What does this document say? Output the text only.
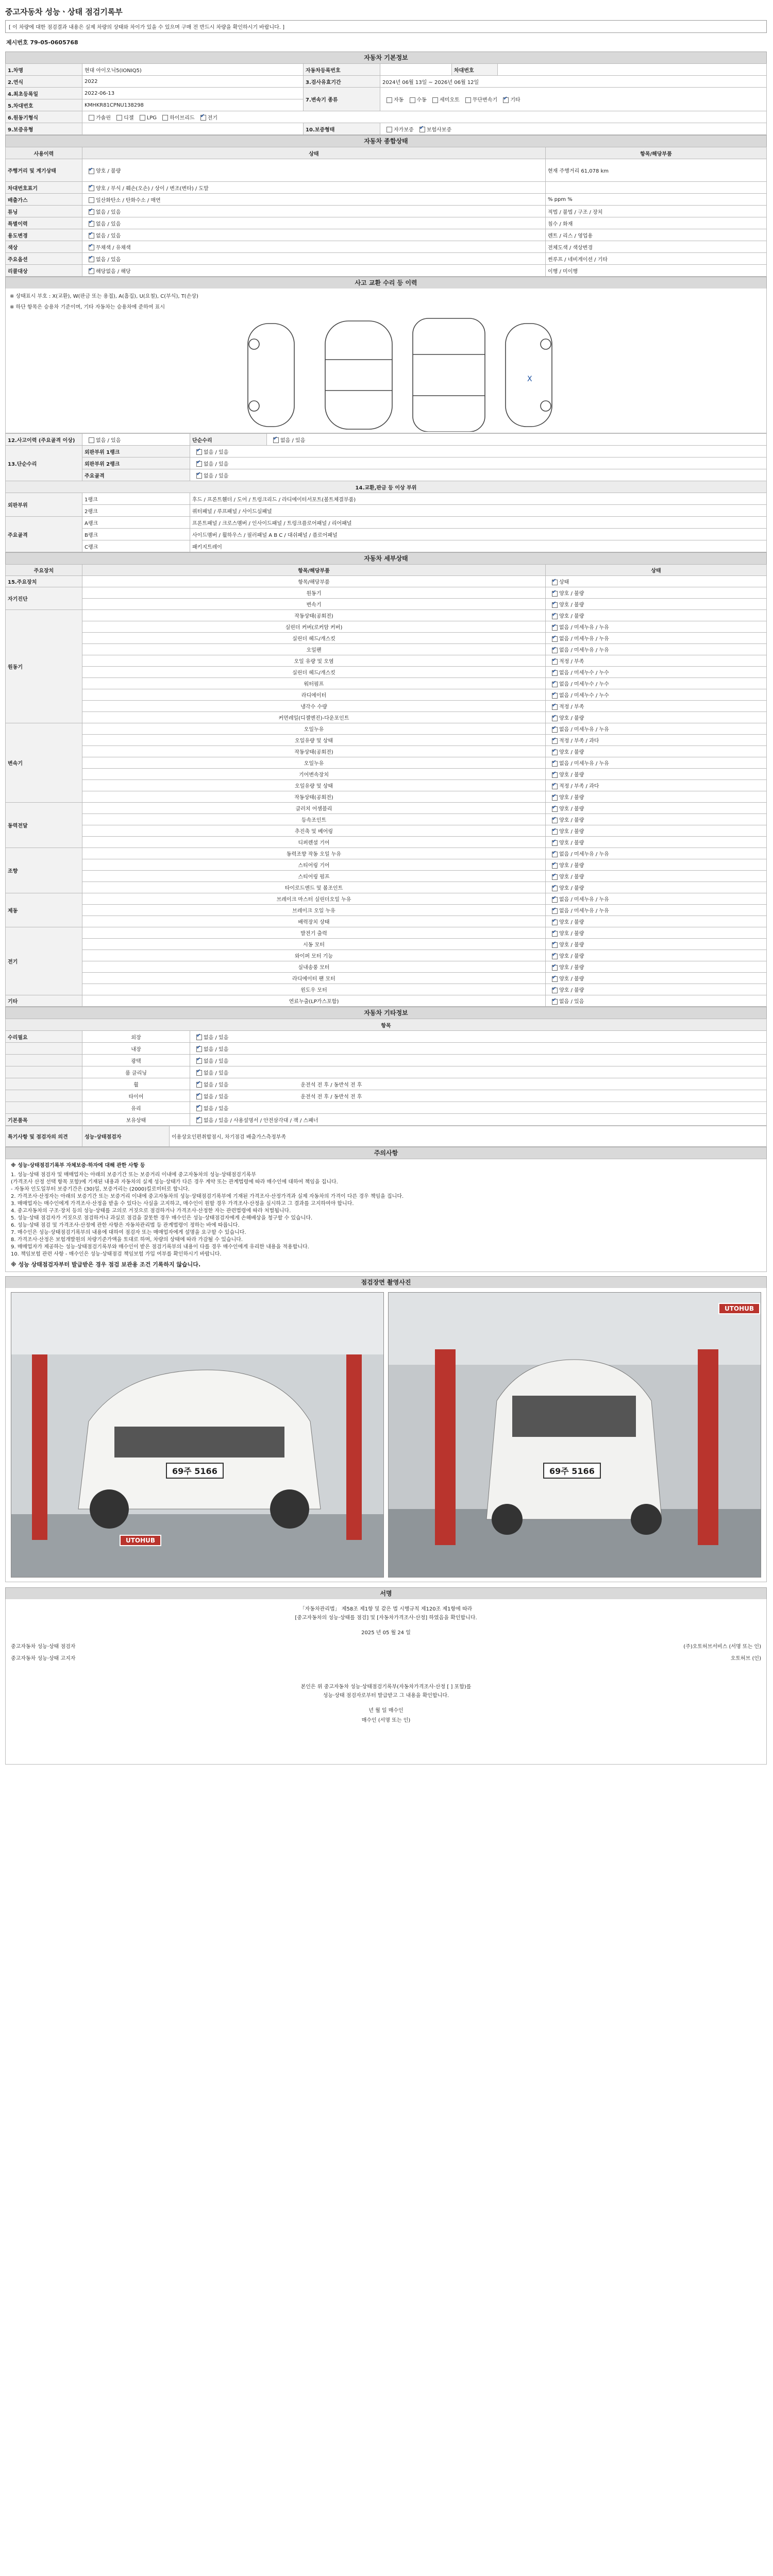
중고자동차 성능ㆍ상태 점검기록부
[ 이 차량에 대한 점검결과 내용은 실제 차량의 상태와 차이가 있을 수 있으며 구매 전 반드시 차량을 확인하시기 바랍니다. ]
제시번호 79-05-0605768
자동차 기본정보
1.차명	현대 아이오닉5(IONIQ5)	자동차등록번호		차대번호	
2.연식	2022	3.검사유효기간	2024년 06월 13일 ~ 2026년 06월 12일		
4.최초등록일	2022-06-13	7.변속기 종류	자동 수동 세미오토 무단변속기 ✔ 기타
5.차대번호	KMHKR81CPNU138298				
6.원동기형식	가솔린 디젤 LPG 하이브리드 ✔ 전기
9.보증유형		10.보증형태	자가보증 ✔ 보험사보증
자동차 종합상태
사용이력	상태	항목/해당부품
주행거리 및 계기상태	✔양호 / 불량	현재 주행거리 61,078 km
차대번호표기	✔양호 / 부식 / 훼손(오손) / 상이 / 변조(변타) / 도말	
배출가스	일산화탄소 / 탄화수소 / 매연	% ppm %
튜닝	✔없음 / 있음	적법 / 불법 / 구조 / 장치
특별이력	✔없음 / 있음	침수 / 화재
용도변경	✔없음 / 있음	렌트 / 리스 / 영업용
색상	✔무채색 / 유채색	전체도색 / 색상변경
주요옵션	✔없음 / 있음	썬루프 / 네비게이션 / 기타
리콜대상	✔해당없음 / 해당	이행 / 미이행
사고 교환 수리 등 이력
※ 상태표시 부호 : X(교환), W(판금 또는 용접), A(흠집), U(요철), C(부식), T(손상)
※ 하단 항목은 승용차 기준이며, 기타 자동차는 승용차에 준하여 표시
X
12.사고이력 (주요골격 이상)	없음 / 있음	단순수리	✔없음 / 있음
13.단순수리	외판부위 1랭크	✔없음 / 있음
	외판부위 2랭크	✔없음 / 있음
	주요골격	✔없음 / 있음
14.교환,판금 등 이상 부위			
외판부위	1랭크	후드 / 프론트휀더 / 도어 / 트렁크리드 / 라디에이터서포트(볼트체결부품)	
	2랭크	쿼터패널 / 루프패널 / 사이드실패널	
주요골격	A랭크	프론트패널 / 크로스멤버 / 인사이드패널 / 트렁크플로어패널 / 리어패널	
	B랭크	사이드멤버 / 휠하우스 / 필러패널 A B C / 대쉬패널 / 플로어패널	
	C랭크	패키지트레이	
자동차 세부상태
주요장치	항목/해당부품	상태
15.주요장치	항목/해당부품	✔상태
자기진단	원동기	✔양호 / 불량
	변속기	✔양호 / 불량
원동기	작동상태(공회전)	✔양호 / 불량
	실린더 커버(로커암 커버)	✔없음 / 미세누유 / 누유
	실린더 헤드/개스킷	✔없음 / 미세누유 / 누유
	오일팬	✔없음 / 미세누유 / 누유
	오일 유량 및 오염	✔적정 / 부족
	실린더 헤드/개스킷	✔없음 / 미세누수 / 누수
	워터펌프	✔없음 / 미세누수 / 누수
	라디에이터	✔없음 / 미세누수 / 누수
	냉각수 수량	✔적정 / 부족
	커먼레일(디젤엔진)-다운포인트	✔양호 / 불량
변속기	오일누유	✔없음 / 미세누유 / 누유
	오일유량 및 상태	✔적정 / 부족 / 과다
	작동상태(공회전)	✔양호 / 불량
	오일누유	✔없음 / 미세누유 / 누유
	기어변속장치	✔양호 / 불량
	오일유량 및 상태	✔적정 / 부족 / 과다
	작동상태(공회전)	✔양호 / 불량
동력전달	클러치 어셈블리	✔양호 / 불량
	등속조인트	✔양호 / 불량
	추진축 및 베어링	✔양호 / 불량
	디퍼렌셜 기어	✔양호 / 불량
조향	동력조향 작동 오일 누유	✔없음 / 미세누유 / 누유
	스티어링 기어	✔양호 / 불량
	스티어링 펌프	✔양호 / 불량
	타이로드엔드 및 볼조인트	✔양호 / 불량
제동	브레이크 마스터 실린더오일 누유	✔없음 / 미세누유 / 누유
	브레이크 오일 누유	✔없음 / 미세누유 / 누유
	배력장치 상태	✔양호 / 불량
전기	발전기 출력	✔양호 / 불량
	시동 모터	✔양호 / 불량
	와이퍼 모터 기능	✔양호 / 불량
	실내송풍 모터	✔양호 / 불량
	라디에이터 팬 모터	✔양호 / 불량
	윈도우 모터	✔양호 / 불량
기타	연료누출(LP가스포함)	✔없음 / 있음
자동차 기타정보
항목		
수리필요	외장	✔없음 / 있음
	내장	✔없음 / 있음
	광택	✔없음 / 있음
	룸 클리닝	✔없음 / 있음
	휠	✔없음 / 있음 운전석 전 후 / 동반석 전 후
	타이어	✔없음 / 있음 운전석 전 후 / 동반석 전 후
	유리	✔없음 / 있음
기본품목	보유상태	✔없음 / 있음 / 사용설명서 / 안전삼각대 / 잭 / 스패너
특기사항 및 점검자의 의견	성능·상태점검자	이용상요인편취합점시, 차기점검 배출가스측정부족
주의사항
※ 성능·상태점검기록부 자체보증·하자에 대해 관한 사항 등
1. 성능·상태 점검자 및 매매업자는 아래의 보증기간 또는 보증거리 이내에 중고자동차의 성능·상태점검기록부
(가격조사 산정 선택 항목 포함)에 기재된 내용과 자동차의 실제 성능·상태가 다른 경우 계약 또는 관계법령에 따라 매수인에 대하여 책임을 집니다.
- 자동차 인도일부터 보증기간은 (30)일, 보증거리는 (2000)킬로미터로 합니다.
2. 가격조사·산정자는 아래의 보증기간 또는 보증거리 이내에 중고자동차의 성능·상태점검기록부에 기재된 가격조사·산정가격과 실제 자동차의 가격이 다른 경우 책임을 집니다.
3. 매매업자는 매수인에게 가격조사·산정을 받을 수 있다는 사실을 고지하고, 매수인이 원할 경우 가격조사·산정을 실시하고 그 결과를 고지하여야 합니다.
4. 중고자동차의 구조·장치 등의 성능·상태를 고의로 거짓으로 점검하거나 가격조사·산정한 자는 관련법령에 따라 처벌됩니다.
5. 성능·상태 점검자가 거짓으로 점검하거나 과실로 점검을 잘못한 경우 매수인은 성능·상태점검자에게 손해배상을 청구할 수 있습니다.
6. 성능·상태 점검 및 가격조사·산정에 관한 사항은 자동차관리법 등 관계법령이 정하는 바에 따릅니다.
7. 매수인은 성능·상태점검기록부의 내용에 대하여 점검자 또는 매매업자에게 설명을 요구할 수 있습니다.
8. 가격조사·산정은 보험개발원의 차량기준가액을 토대로 하며, 차량의 상태에 따라 가감될 수 있습니다.
9. 매매업자가 제공하는 성능·상태점검기록부와 매수인이 받은 점검기록부의 내용이 다를 경우 매수인에게 유리한 내용을 적용합니다.
10. 책임보험 관련 사항 - 매수인은 성능·상태점검 책임보험 가입 여부를 확인하시기 바랍니다.
※ 성능 상태점검자부터 발급받은 경우 점검 보관용 조건 기록하지 않습니다.
점검장면 촬영사진
69주 5166
UTOHUB
69주 5166
UTOHUB
서명
「자동차관리법」 제58조 제1항 및 같은 법 시행규칙 제120조 제1항에 따라
[중고자동차의 성능·상태를 점검] 및 [자동차가격조사·산정] 하였음을 확인합니다.
2025 년 05 월 24 일
중고자동차 성능·상태 점검자	(주)오토허브서비스 (서명 또는 인)
중고자동차 성능·상태 고지자	오토허브 (인)
본인은 위 중고자동차 성능·상태점검기록부(자동차가격조사·산정 [ ] 포함)를
성능·상태 점검자로부터 발급받고 그 내용을 확인합니다.
년 월 일 매수인
매수인 (서명 또는 인)
